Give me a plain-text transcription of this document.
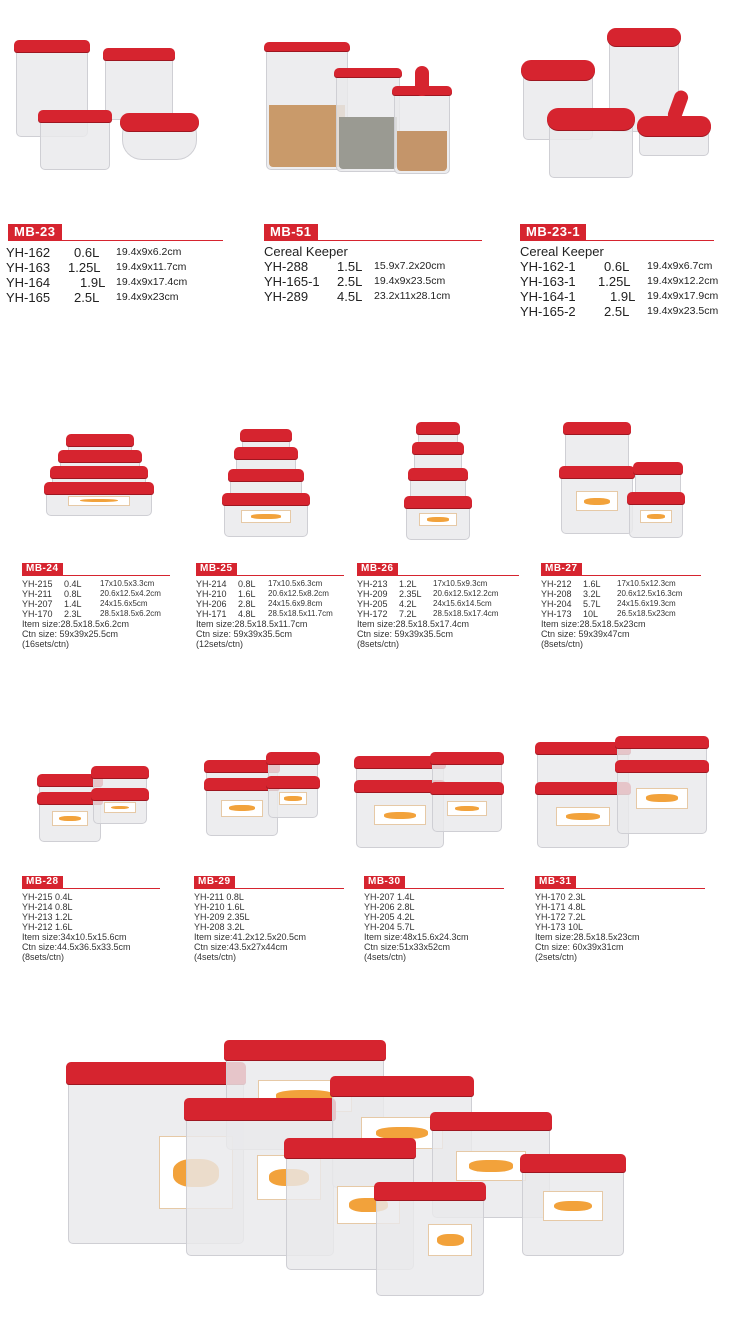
MB-23
YH-162 0.6L 19.4x9x6.2cm
YH-163 1.25L 19.4x9x11.7cm
YH-164 1.9L 19.4x9x17.4cm
YH-165 2.5L 19.4x9x23cm
MB-51
Cereal Keeper
YH-288 1.5L 15.9x7.2x20cm
YH-165-1 2.5L 19.4x9x23.5cm
YH-289 4.5L 23.2x11x28.1cm
MB-23-1
Cereal Keeper
YH-162-1 0.6L 19.4x9x6.7cm
YH-163-1 1.25L 19.4x9x12.2cm
YH-164-1	1.9L 19.4x9x17.9cm
YH-165-2 2.5L 19.4x9x23.5cm
MB-24
YH-215 0.4L 17x10.5x3.3cm
YH-211 0.8L 20.6x12.5x4.2cm
YH-207 1.4L 24x15.6x5cm
YH-170 2.3L 28.5x18.5x6.2cm
Item size:28.5x18.5x6.2cm
Ctn size: 59x39x25.5cm
(16sets/ctn)
MB-25
YH-214 0.8L 17x10.5x6.3cm
YH-210 1.6L 20.6x12.5x8.2cm
YH-206 2.8L 24x15.6x9.8cm
YH-171 4.8L 28.5x18.5x11.7cm
Item size:28.5x18.5x11.7cm
Ctn size: 59x39x35.5cm
(12sets/ctn)
MB-26
YH-213 1.2L 17x10.5x9.3cm
YH-209 2.35L 20.6x12.5x12.2cm
YH-205 4.2L 24x15.6x14.5cm
YH-172 7.2L 28.5x18.5x17.4cm
Item size:28.5x18.5x17.4cm
Ctn size: 59x39x35.5cm
(8sets/ctn)
MB-27
YH-212 1.6L 17x10.5x12.3cm
YH-208 3.2L 20.6x12.5x16.3cm
YH-204 5.7L 24x15.6x19.3cm
YH-173 10L 26.5x18.5x23cm
Item size:28.5x18.5x23cm
Ctn size: 59x39x47cm
(8sets/ctn)
MB-28
YH-215 0.4L
YH-214 0.8L
YH-213 1.2L
YH-212 1.6L
Item size:34x10.5x15.6cm
Ctn size:44.5x36.5x33.5cm
(8sets/ctn)
MB-29
YH-211 0.8L
YH-210 1.6L
YH-209 2.35L
YH-208 3.2L
Item size:41.2x12.5x20.5cm
Ctn size:43.5x27x44cm
(4sets/ctn)
MB-30
YH-207 1.4L
YH-206 2.8L
YH-205 4.2L
YH-204 5.7L
Item size:48x15.6x24.3cm
Ctn size:51x33x52cm
(4sets/ctn)
MB-31
YH-170 2.3L
YH-171 4.8L
YH-172 7.2L
YH-173 10L
Item size:28.5x18.5x23cm
Ctn size: 60x39x31cm
(2sets/ctn)
